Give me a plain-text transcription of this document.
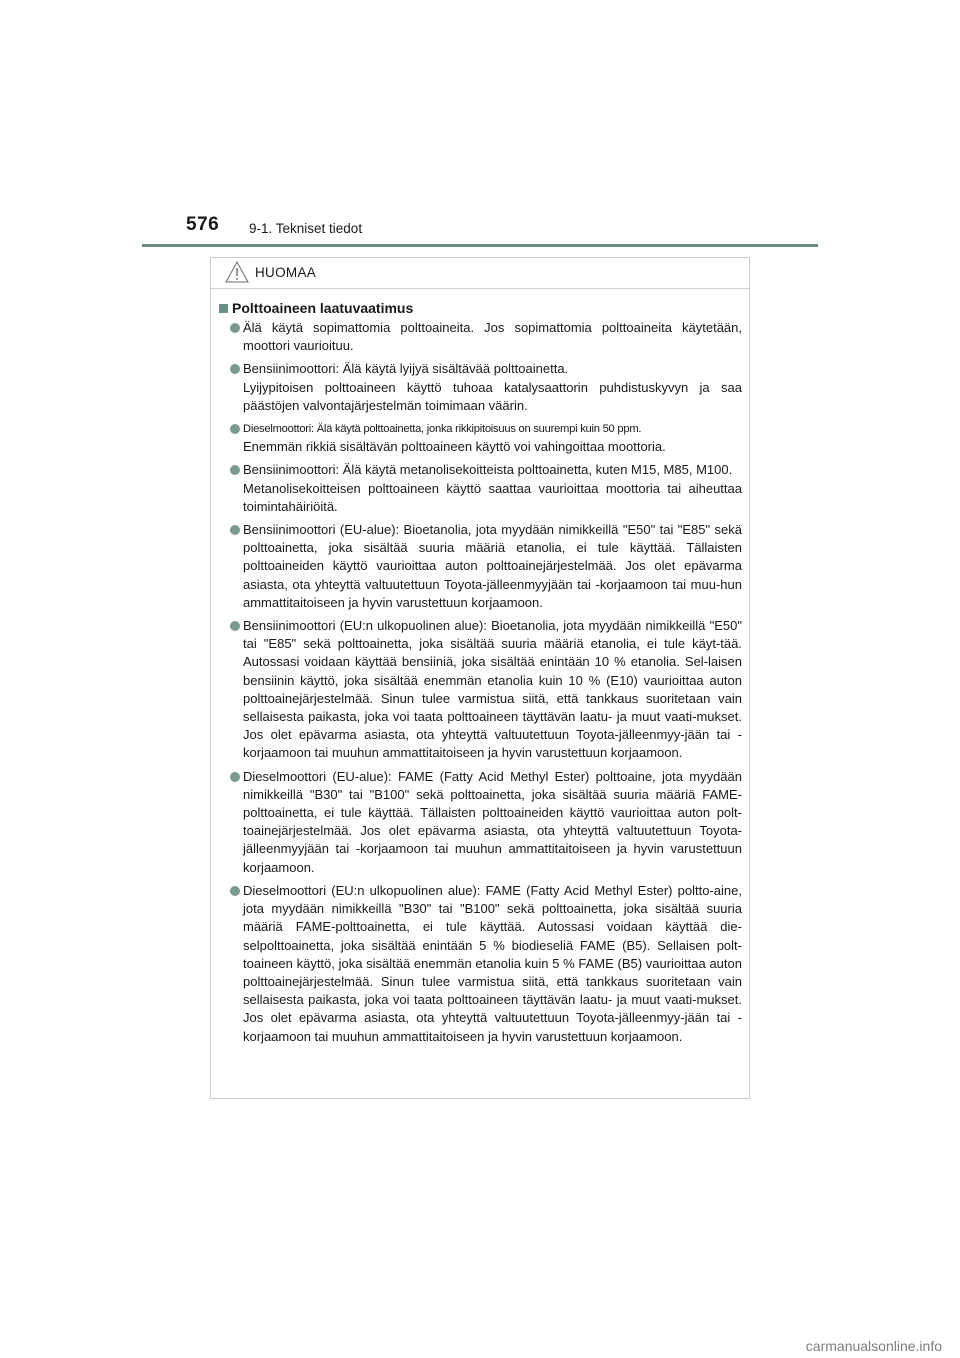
576 9-1. Tekniset tiedot
HUOMAA
Polttoaineen laatuvaatimus

Älä käytä sopimattomia polttoaineita. Jos sopimattomia polttoaineita käytetään, moottori vaurioituu.

Bensiinimoottori: Älä käytä lyijyä sisältävää polttoainetta.

Lyijypitoisen polttoaineen käyttö tuhoaa katalysaattorin puhdistuskyvyn ja saa päästöjen valvontajärjestelmän toimimaan väärin.

Dieselmoottori: Älä käytä polttoainetta, jonka rikkipitoisuus on suurempi kuin 50 ppm.

Enemmän rikkiä sisältävän polttoaineen käyttö voi vahingoittaa moottoria.

Bensiinimoottori: Älä käytä metanolisekoitteista polttoainetta, kuten M15, M85, M100.

Metanolisekoitteisen polttoaineen käyttö saattaa vaurioittaa moottoria tai aiheuttaa toimintahäiriöitä.

Bensiinimoottori (EU-alue): Bioetanolia, jota myydään nimikkeillä "E50" tai "E85" sekä polttoainetta, joka sisältää suuria määriä etanolia, ei tule käyttää. Tällaisten polttoaineiden käyttö vaurioittaa auton polttoainejärjestelmää. Jos olet epävarma asiasta, ota yhteyttä valtuutettuun Toyota-jälleenmyyjään tai -korjaamoon tai muu-hun ammattitaitoiseen ja hyvin varustettuun korjaamoon.

Bensiinimoottori (EU:n ulkopuolinen alue): Bioetanolia, jota myydään nimikkeillä "E50" tai "E85" sekä polttoainetta, joka sisältää suuria määriä etanolia, ei tule käyt-tää. Autossasi voidaan käyttää bensiiniä, joka sisältää enintään 10 % etanolia. Sel-laisen bensiinin käyttö, joka sisältää enemmän etanolia kuin 10 % (E10) vaurioittaa auton polttoainejärjestelmää. Sinun tulee varmistua siitä, että tankkaus suoritetaan vain sellaisesta paikasta, joka voi taata polttoaineen täyttävän laatu- ja muut vaati-mukset. Jos olet epävarma asiasta, ota yhteyttä valtuutettuun Toyota-jälleenmyy-jään tai -korjaamoon tai muuhun ammattitaitoiseen ja hyvin varustettuun korjaamoon.

Dieselmoottori (EU-alue): FAME (Fatty Acid Methyl Ester) polttoaine, jota myydään nimikkeillä "B30" tai "B100" sekä polttoainetta, joka sisältää suuria määriä FAME-polttoainetta, ei tule käyttää. Tällaisten polttoaineiden käyttö vaurioittaa auton polt-toainejärjestelmää. Jos olet epävarma asiasta, ota yhteyttä valtuutettuun Toyota-jälleenmyyjään tai -korjaamoon tai muuhun ammattitaitoiseen ja hyvin varustettuun korjaamoon.

Dieselmoottori (EU:n ulkopuolinen alue): FAME (Fatty Acid Methyl Ester) poltto-aine, jota myydään nimikkeillä "B30" tai "B100" sekä polttoainetta, joka sisältää suuria määriä FAME-polttoainetta, ei tule käyttää. Autossasi voidaan käyttää die-selpolttoainetta, joka sisältää enintään 5 % biodieseliä FAME (B5). Sellaisen polt-toaineen käyttö, joka sisältää enemmän etanolia kuin 5 % FAME (B5) vaurioittaa auton polttoainejärjestelmää. Sinun tulee varmistua siitä, että tankkaus suoritetaan vain sellaisesta paikasta, joka voi taata polttoaineen täyttävän laatu- ja muut vaati-mukset. Jos olet epävarma asiasta, ota yhteyttä valtuutettuun Toyota-jälleenmyy-jään tai -korjaamoon tai muuhun ammattitaitoiseen ja hyvin varustettuun korjaamoon.

carmanualsonline.info
